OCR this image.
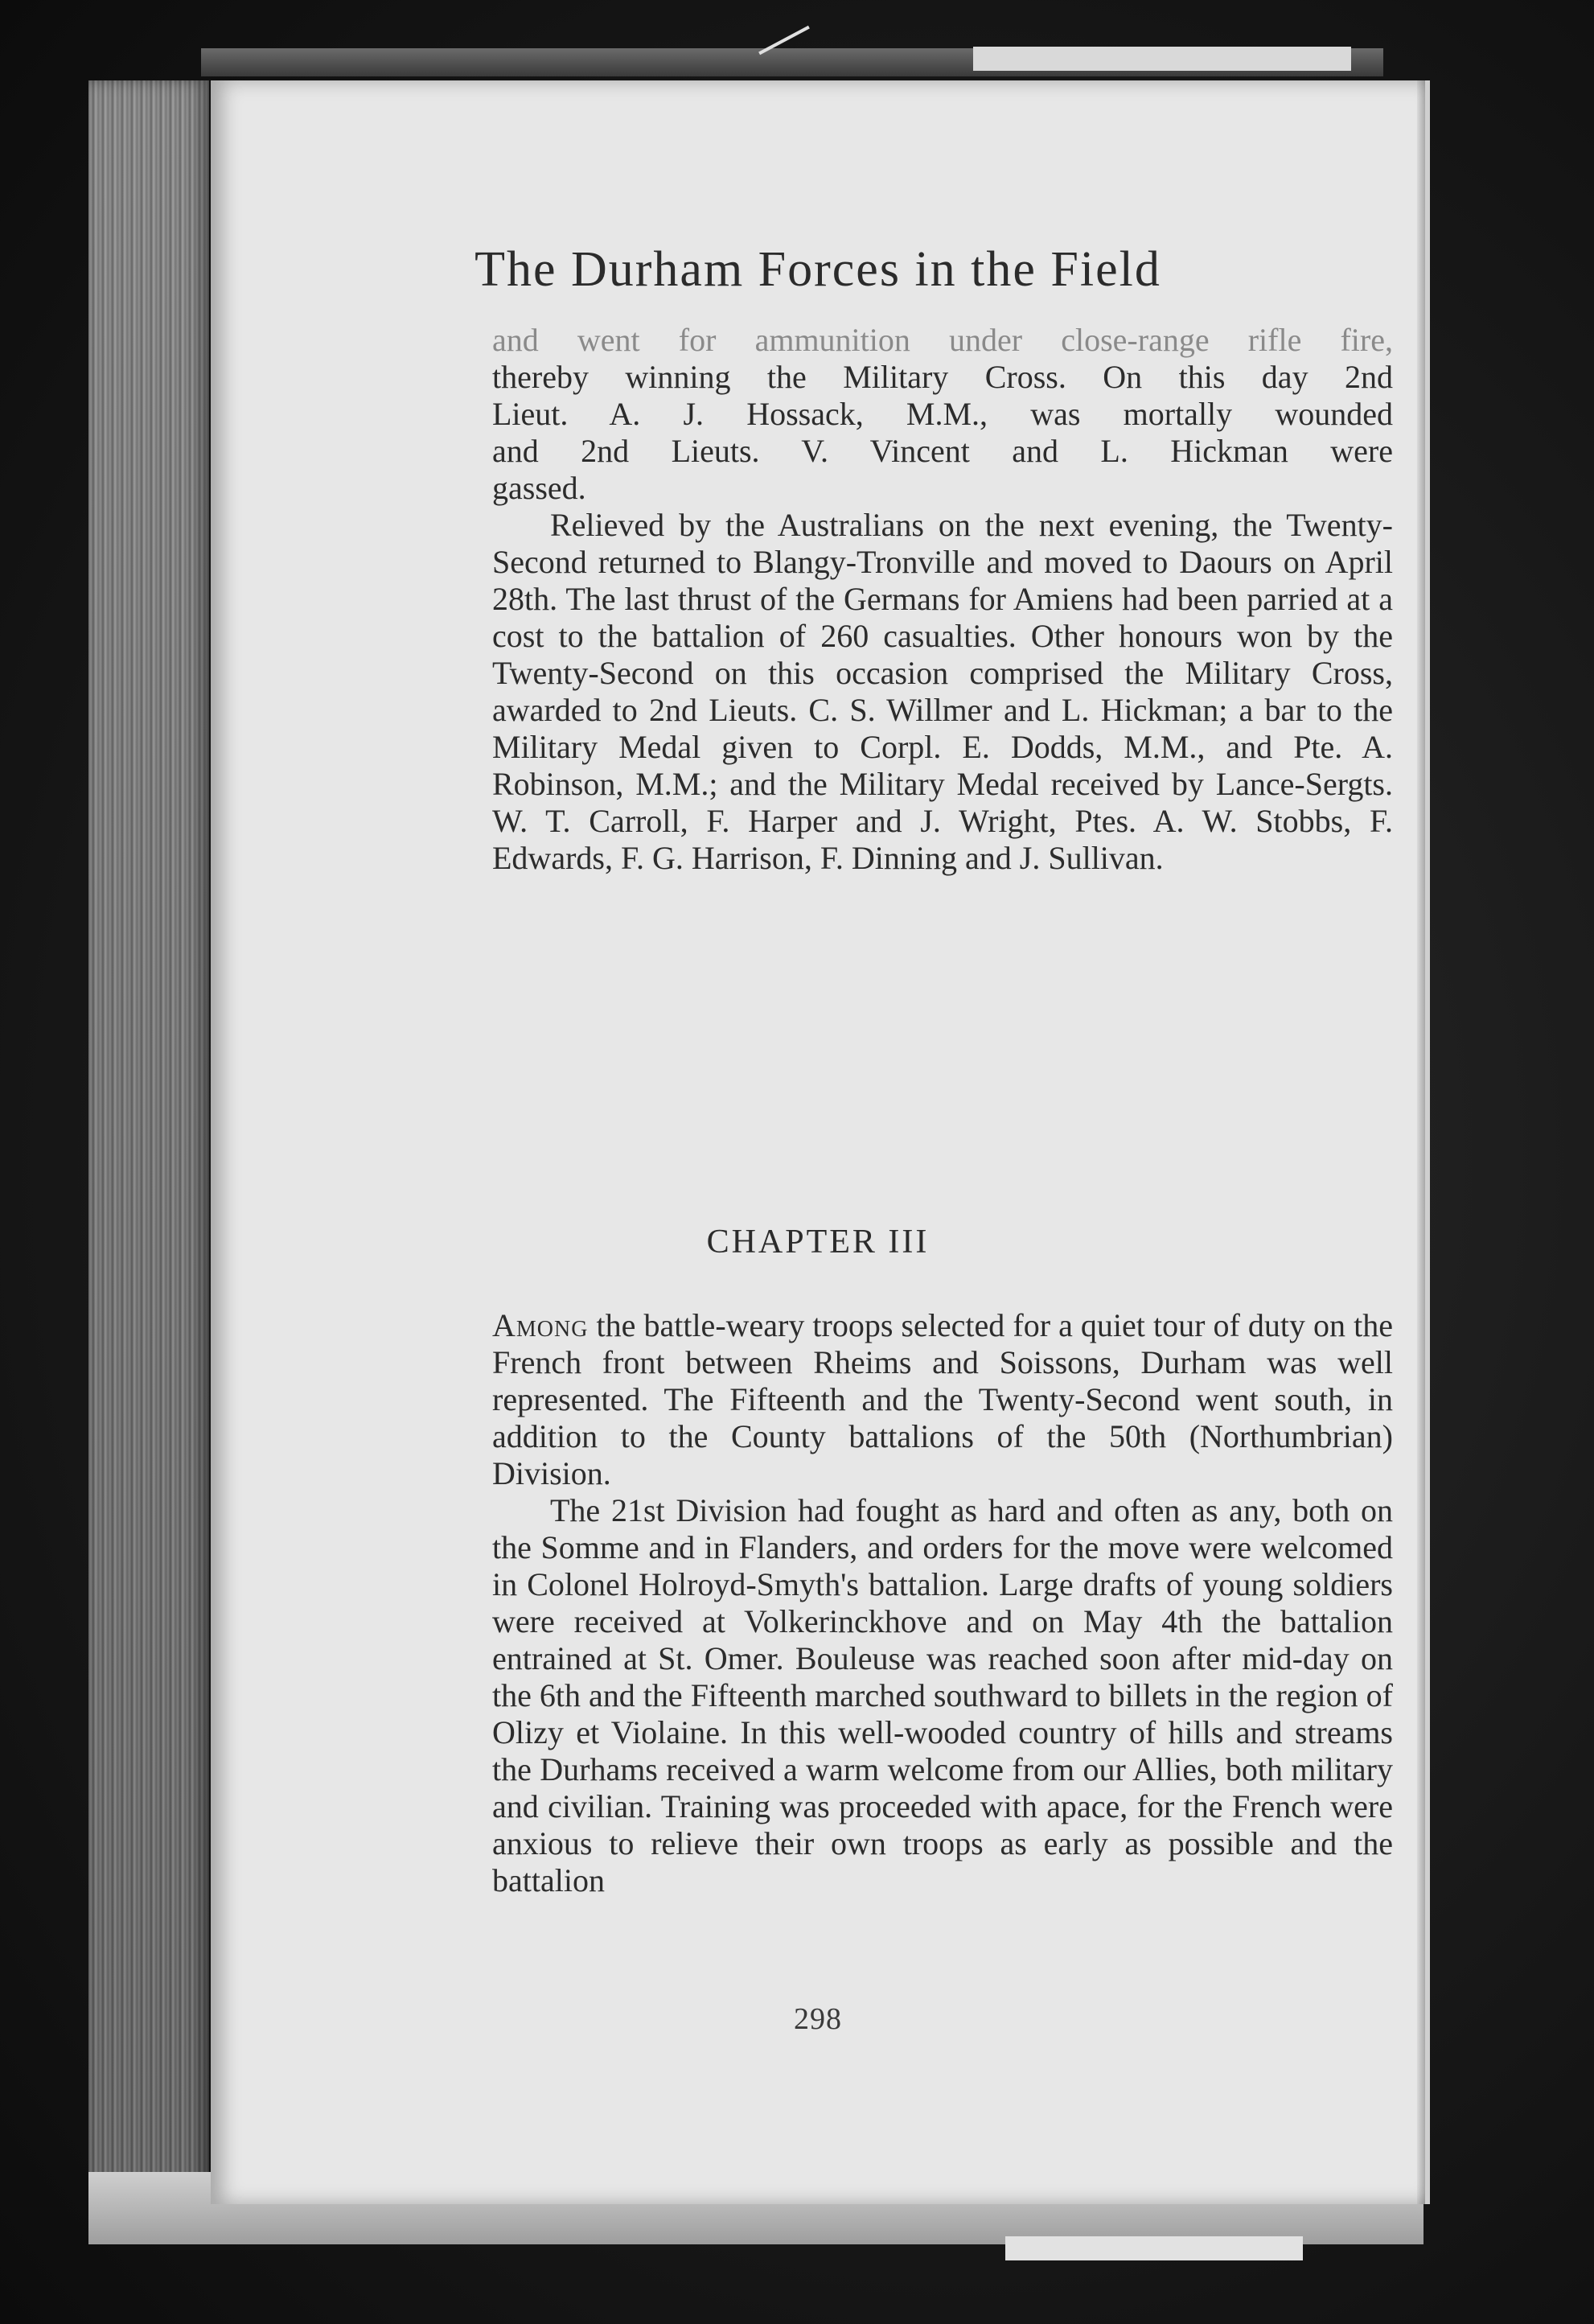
The Durham Forces in the Field

and went for ammunition under close-range rifle fire,

thereby winning the Military Cross. On this day 2nd

Lieut. A. J. Hossack, M.M., was mortally wounded

and 2nd Lieuts. V. Vincent and L. Hickman were

gassed.

Relieved by the Australians on the next evening, the Twenty-Second returned to Blangy-Tronville and moved to Daours on April 28th. The last thrust of the Germans for Amiens had been parried at a cost to the battalion of 260 casualties. Other honours won by the Twenty-Second on this occasion comprised the Military Cross, awarded to 2nd Lieuts. C. S. Willmer and L. Hickman; a bar to the Military Medal given to Corpl. E. Dodds, M.M., and Pte. A. Robinson, M.M.; and the Military Medal received by Lance-Sergts. W. T. Carroll, F. Harper and J. Wright, Ptes. A. W. Stobbs, F. Edwards, F. G. Harrison, F. Dinning and J. Sullivan.

CHAPTER III

Among the battle-weary troops selected for a quiet tour of duty on the French front between Rheims and Soissons, Durham was well represented. The Fifteenth and the Twenty-Second went south, in addition to the County battalions of the 50th (Northumbrian) Division.

The 21st Division had fought as hard and often as any, both on the Somme and in Flanders, and orders for the move were welcomed in Colonel Holroyd-Smyth's battalion. Large drafts of young soldiers were received at Volkerinckhove and on May 4th the battalion entrained at St. Omer. Bouleuse was reached soon after mid-day on the 6th and the Fifteenth marched southward to billets in the region of Olizy et Violaine. In this well-wooded country of hills and streams the Durhams received a warm welcome from our Allies, both military and civilian. Training was proceeded with apace, for the French were anxious to relieve their own troops as early as possible and the battalion

298
